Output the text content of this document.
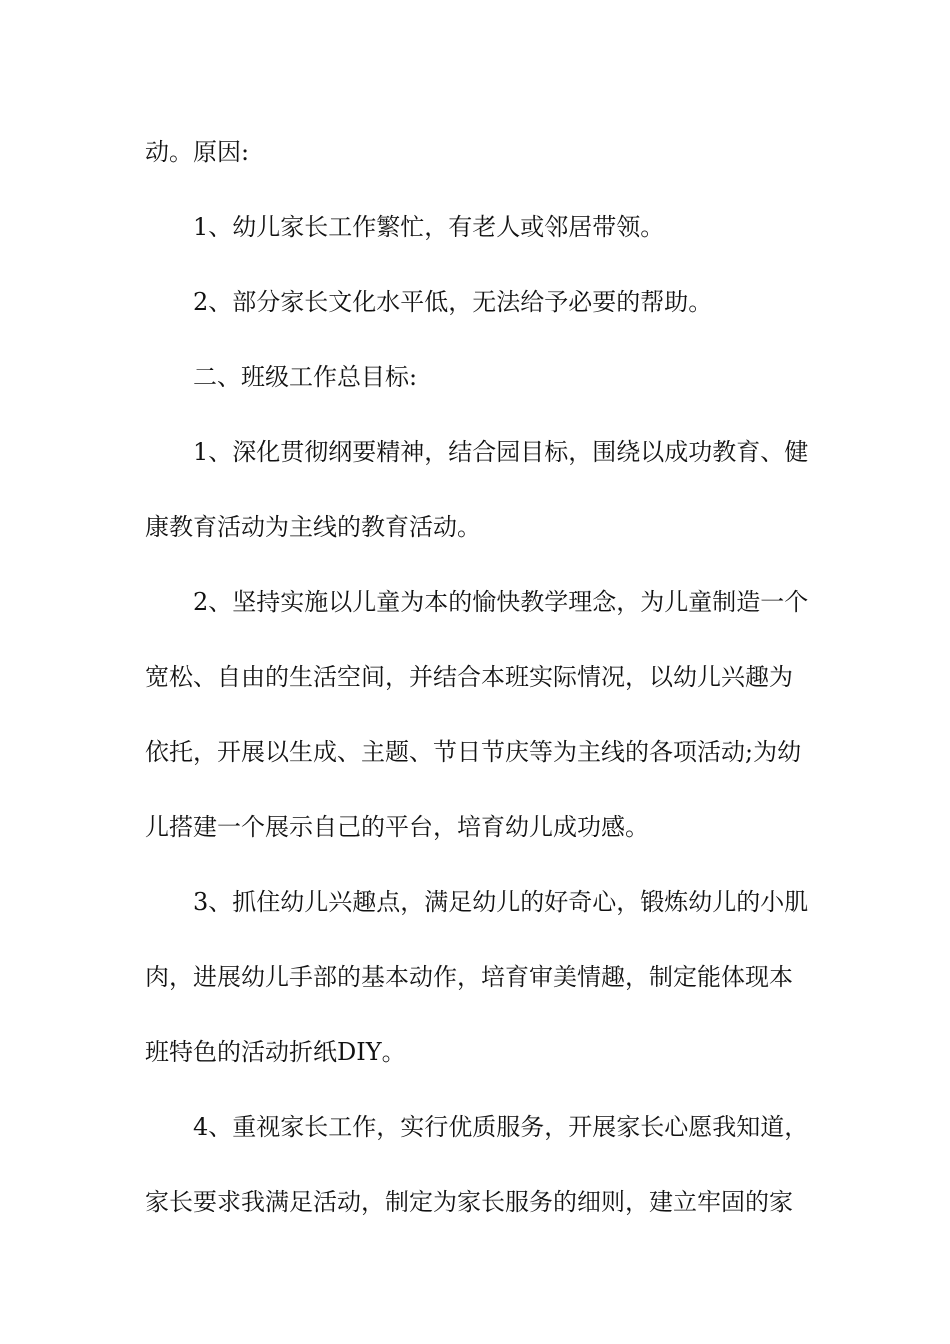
动。原因:
1、幼儿家长工作繁忙，有老人或邻居带领。
2、部分家长文化水平低，无法给予必要的帮助。
二、班级工作总目标:
1、深化贯彻纲要精神，结合园目标，围绕以成功教育、健
康教育活动为主线的教育活动。
2、坚持实施以儿童为本的愉快教学理念，为儿童制造一个
宽松、自由的生活空间，并结合本班实际情况，以幼儿兴趣为
依托，开展以生成、主题、节日节庆等为主线的各项活动;为幼
儿搭建一个展示自己的平台，培育幼儿成功感。
3、抓住幼儿兴趣点，满足幼儿的好奇心，锻炼幼儿的小肌
肉，进展幼儿手部的基本动作，培育审美情趣，制定能体现本
班特色的活动折纸DIY。
4、重视家长工作，实行优质服务，开展家长心愿我知道，
家长要求我满足活动，制定为家长服务的细则，建立牢固的家
